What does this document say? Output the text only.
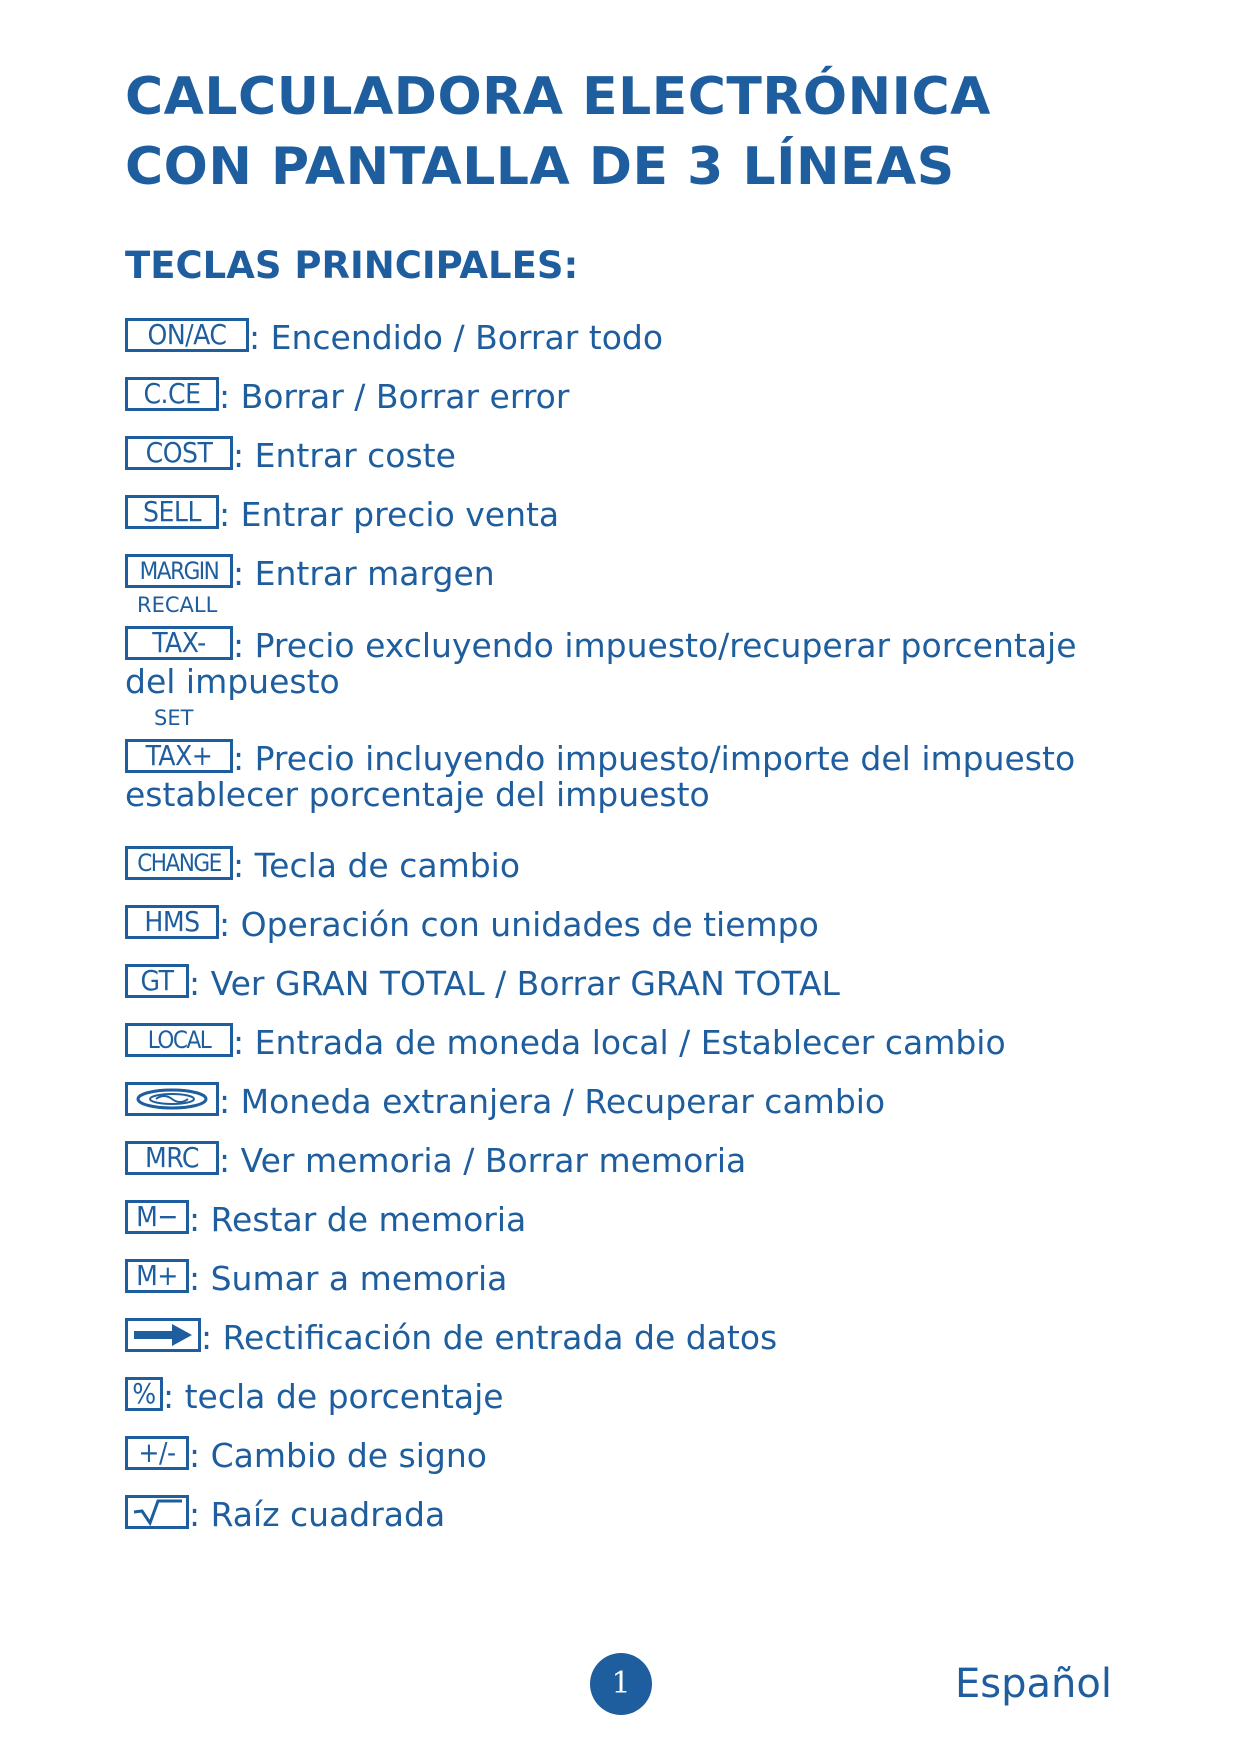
CALCULADORA ELECTRÓNICA
CON PANTALLA DE 3 LÍNEAS
TECLAS PRINCIPALES:
ON/AC : Encendido / Borrar todo
C.CE : Borrar / Borrar error
COST : Entrar coste
SELL : Entrar precio venta
MARGIN : Entrar margen
RECALL
TAX- : Precio excluyendo impuesto/recuperar porcentaje del impuesto
SET
TAX+ : Precio incluyendo impuesto/importe del impuesto establecer porcentaje del impuesto
CHANGE : Tecla de cambio
HMS : Operación con unidades de tiempo
GT : Ver GRAN TOTAL / Borrar GRAN TOTAL
LOCAL : Entrada de moneda local / Establecer cambio
: Moneda extranjera / Recuperar cambio
MRC : Ver memoria / Borrar memoria
M− : Restar de memoria
M+ : Sumar a memoria
: Rectificación de entrada de datos
% : tecla de porcentaje
+/- : Cambio de signo
: Raíz cuadrada
1	Español
